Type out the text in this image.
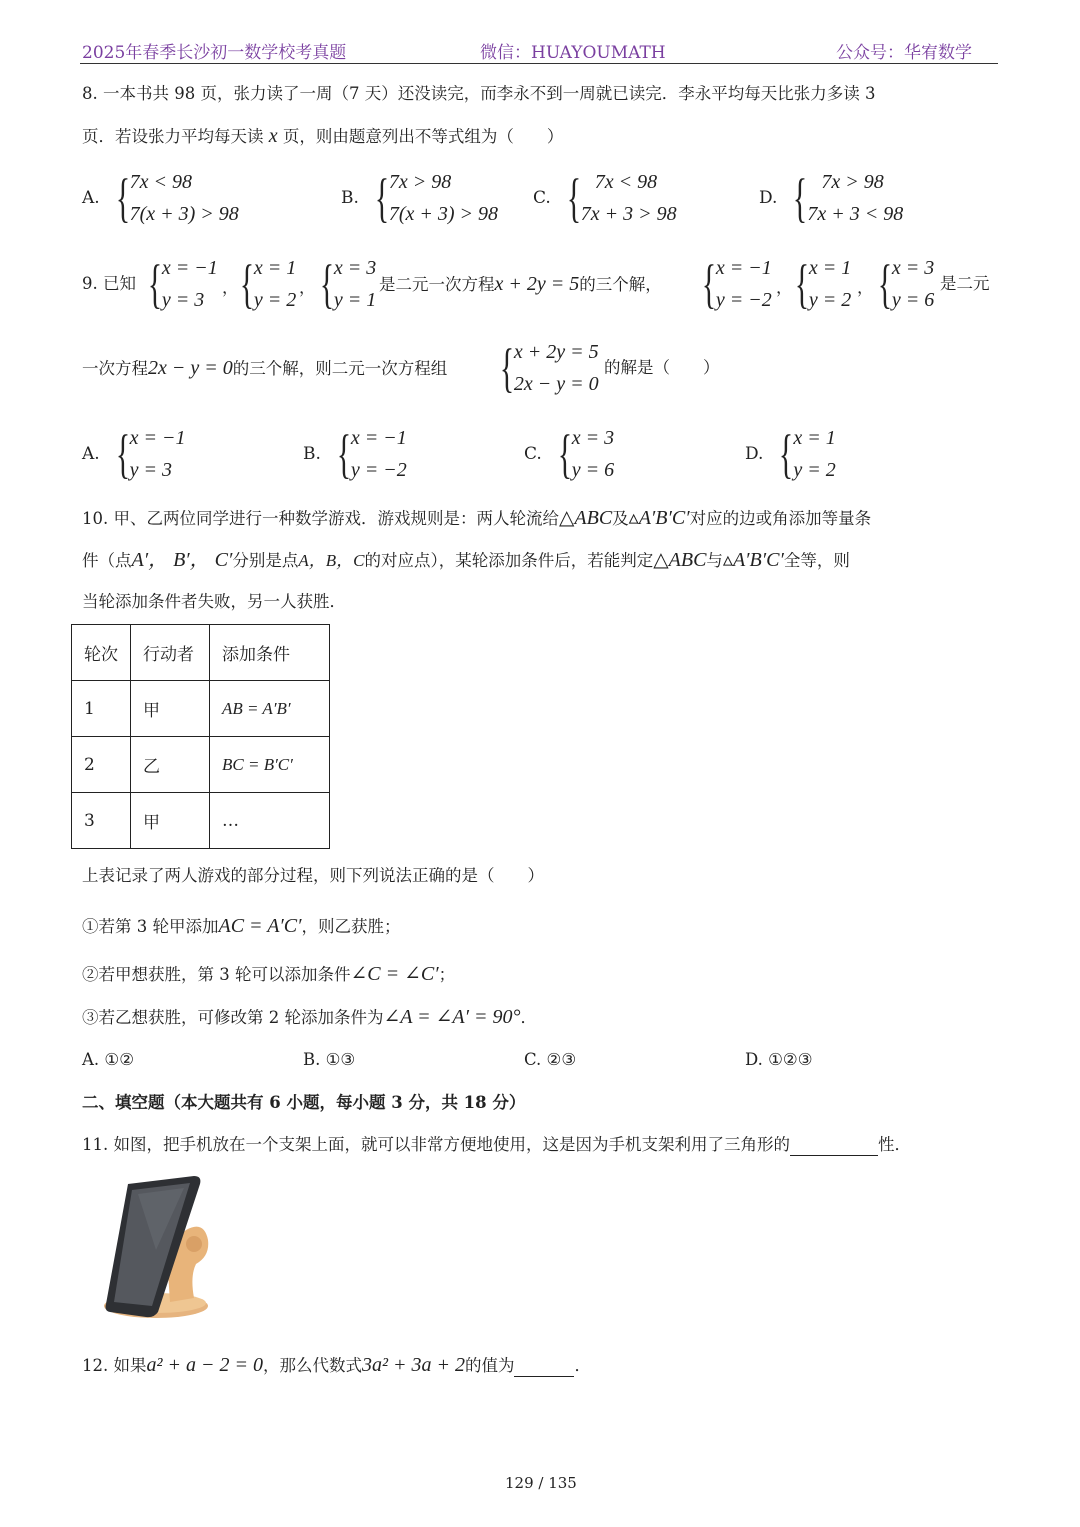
2025年春季长沙初一数学校考真题	微信：HUAYOUMATH	公众号：华宥数学
8. 一本书共 98 页，张力读了一周（7 天）还没读完，而李永不到一周就已读完．李永平均每天比张力多读 3
页．若设张力平均每天读 x 页，则由题意列出不等式组为（　　）
A. { 7x < 98
7(x + 3) > 98
B. { 7x > 98
7(x + 3) > 98
C. { 7x < 98
7x + 3 > 98
D. { 7x > 98
7x + 3 < 98
9. 已知 { x = −1
y = 3
， { x = 1
y = 2
， { x = 3
y = 1
是二元一次方程x + 2y = 5的三个解， { x = −1
y = −2
， { x = 1
y = 2
， { x = 3
y = 6
是二元
一次方程2x − y = 0的三个解，则二元一次方程组 { x + 2y = 5
2x − y = 0
的解是（　　）
A. { x = −1
y = 3
B. { x = −1
y = −2
C. { x = 3
y = 6
D. { x = 1
y = 2
10. 甲、乙两位同学进行一种数学游戏．游戏规则是：两人轮流给△ABC及▵A′B′C′对应的边或角添加等量条
件（点A′， B′， C′分别是点A，B，C的对应点），某轮添加条件后，若能判定△ABC与▵A′B′C′全等，则
当轮添加条件者失败，另一人获胜．
轮次	行动者	添加条件
1	甲	AB = A′B′
2	乙	BC = B′C′
3	甲	…
上表记录了两人游戏的部分过程，则下列说法正确的是（　　）
①若第 3 轮甲添加AC = A′C′，则乙获胜；
②若甲想获胜，第 3 轮可以添加条件∠C = ∠C′；
③若乙想获胜，可修改第 2 轮添加条件为∠A = ∠A′ = 90°．
A. ①②	B. ①③	C. ②③	D. ①②③
二、填空题（本大题共有 6 小题，每小题 3 分，共 18 分）
11. 如图，把手机放在一个支架上面，就可以非常方便地使用，这是因为手机支架利用了三角形的	性．
12. 如果a² + a − 2 = 0，那么代数式3a² + 3a + 2的值为	．
129 / 135
